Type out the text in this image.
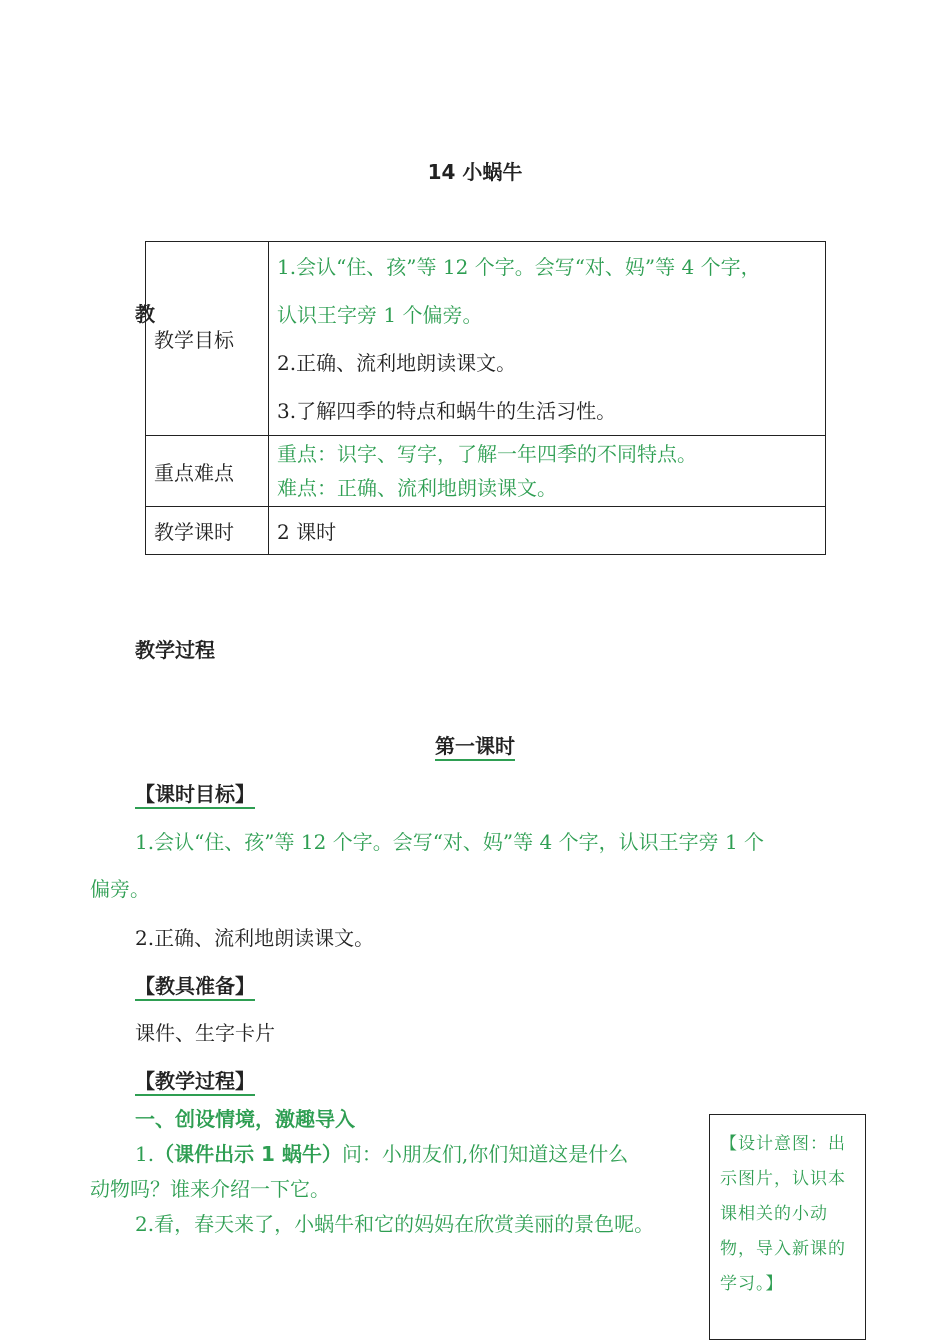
14 小蜗牛
教
教学目标	1.会认“住、孩”等 12 个字。会写“对、妈”等 4 个字，
认识王字旁 1 个偏旁。
2.正确、流利地朗读课文。
3.了解四季的特点和蜗牛的生活习性。

重点难点	重点：识字、写字，了解一年四季的不同特点。
难点：正确、流利地朗读课文。

教学课时	2 课时
教学过程
第一课时
【课时目标】
1.会认“住、孩”等 12 个字。会写“对、妈”等 4 个字，认识王字旁 1 个
偏旁。
2.正确、流利地朗读课文。
【教具准备】
课件、生字卡片
【教学过程】
一、创设情境，激趣导入
1.（课件出示 1 蜗牛）问：小朋友们,你们知道这是什么
动物吗？谁来介绍一下它。
2.看，春天来了，小蜗牛和它的妈妈在欣赏美丽的景色呢。
【设计意图：出
示图片，认识本
课相关的小动
物，导入新课的
学习。】
